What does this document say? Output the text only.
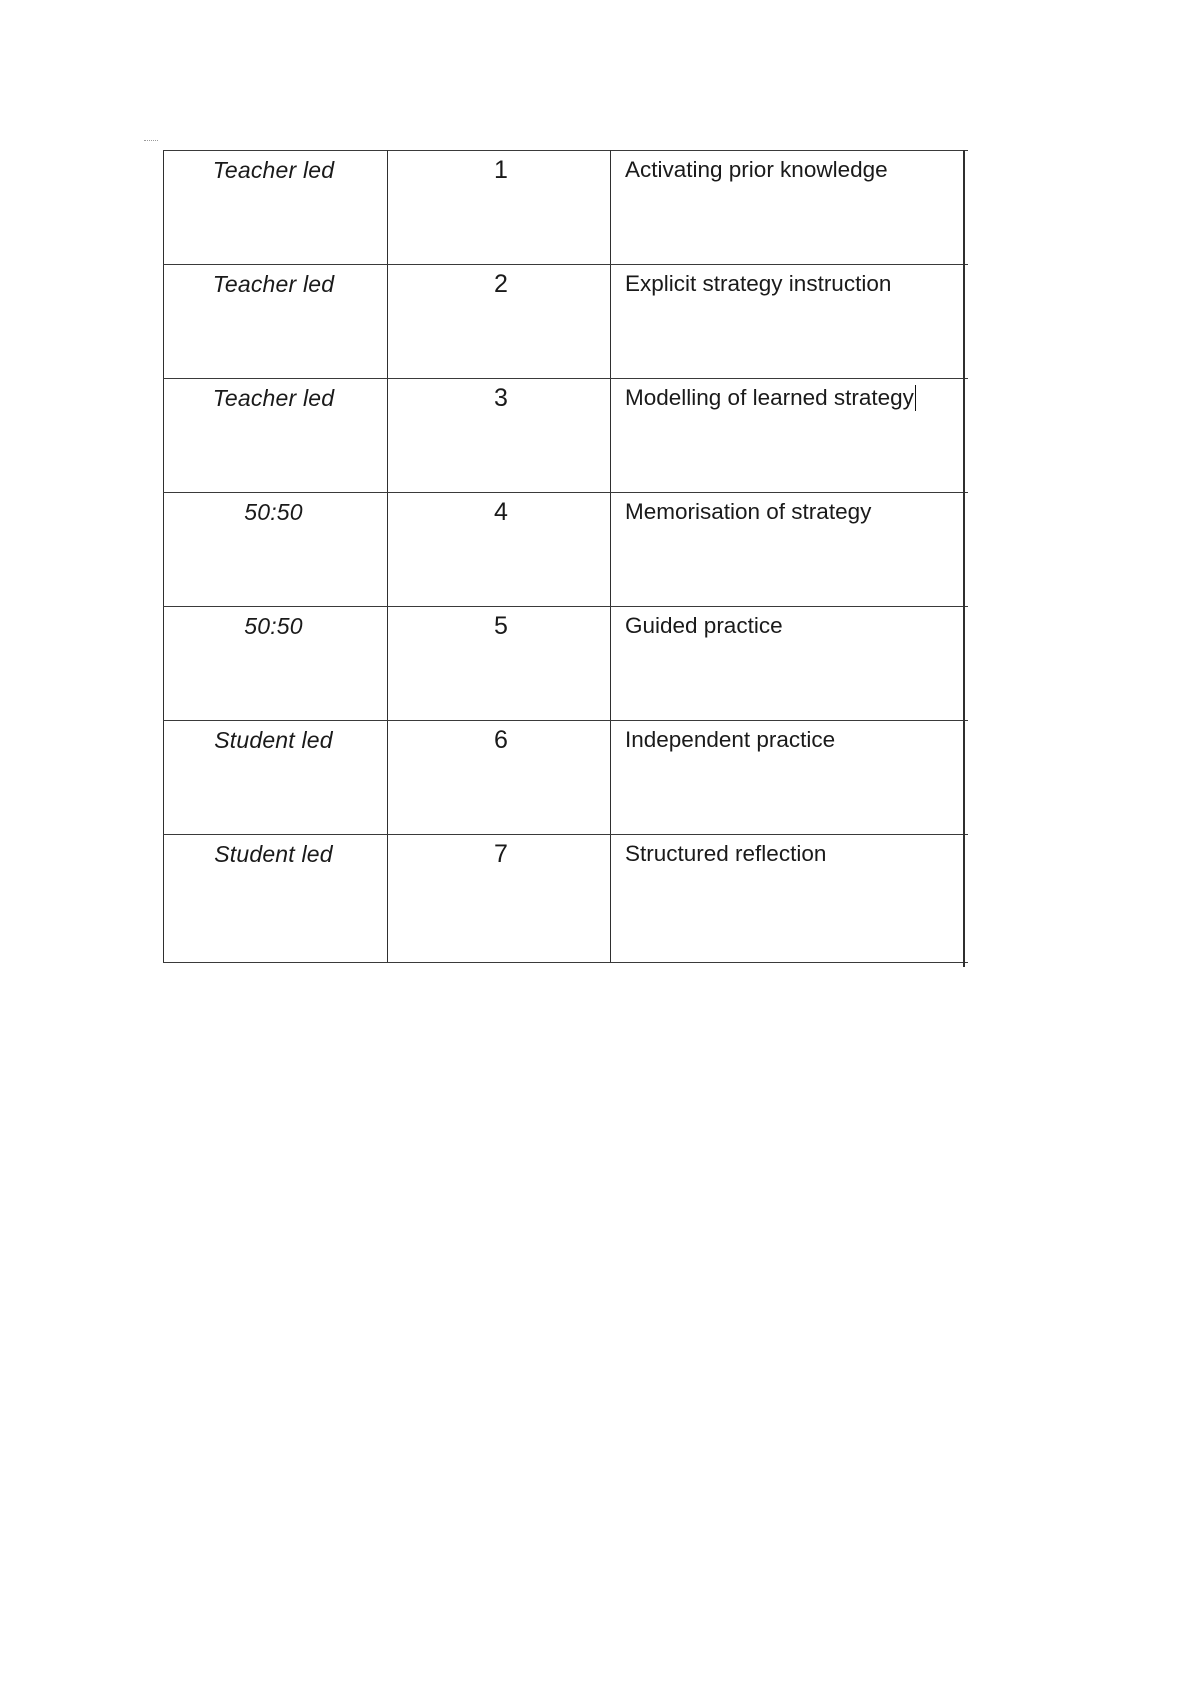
Teacher led	1	Activating prior knowledge

Teacher led	2	Explicit strategy instruction

Teacher led	3	Modelling of learned strategy

50:50	4	Memorisation of strategy

50:50	5	Guided practice

Student led	6	Independent practice

Student led	7	Structured reflection
